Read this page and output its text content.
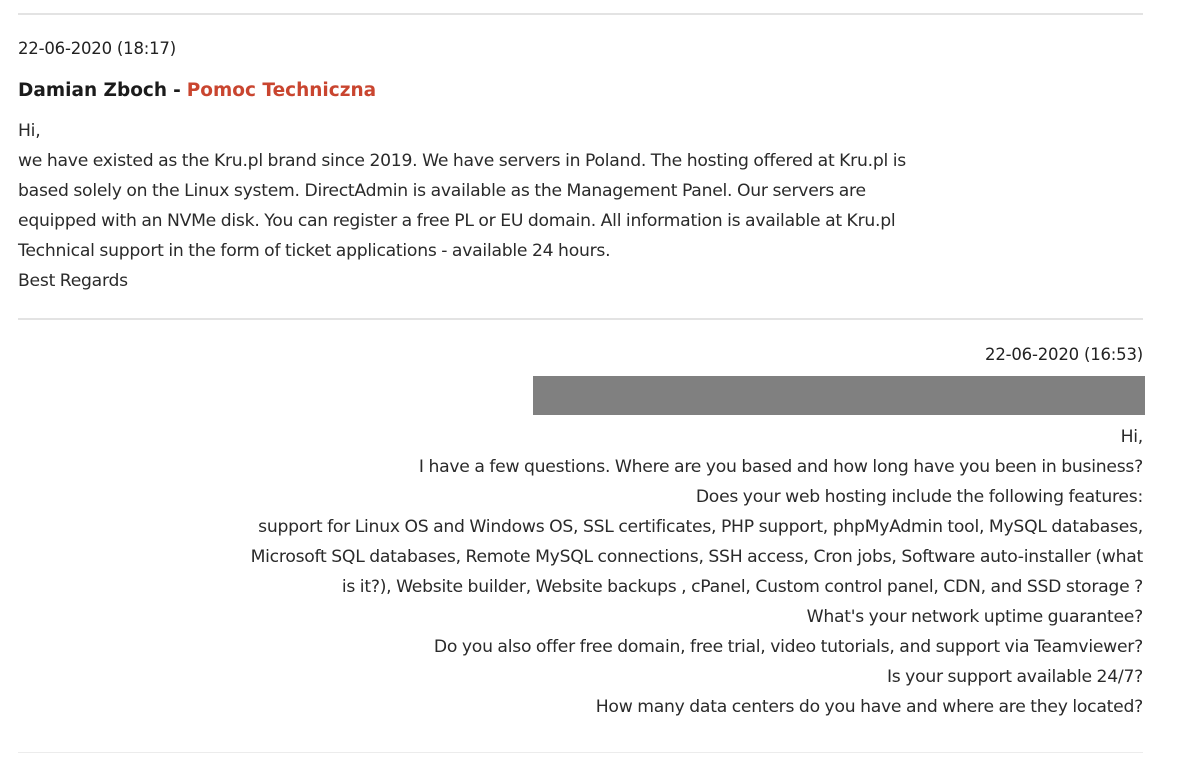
22-06-2020 (18:17)
Damian Zboch - Pomoc Techniczna
Hi,
we have existed as the Kru.pl brand since 2019. We have servers in Poland. The hosting offered at Kru.pl is
based solely on the Linux system. DirectAdmin is available as the Management Panel. Our servers are
equipped with an NVMe disk. You can register a free PL or EU domain. All information is available at Kru.pl
Technical support in the form of ticket applications - available 24 hours.
Best Regards
22-06-2020 (16:53)
Hi,
I have a few questions. Where are you based and how long have you been in business?
Does your web hosting include the following features:
support for Linux OS and Windows OS, SSL certificates, PHP support, phpMyAdmin tool, MySQL databases,
Microsoft SQL databases, Remote MySQL connections, SSH access, Cron jobs, Software auto-installer (what
is it?), Website builder, Website backups , cPanel, Custom control panel, CDN, and SSD storage ?
What's your network uptime guarantee?
Do you also offer free domain, free trial, video tutorials, and support via Teamviewer?
Is your support available 24/7?
How many data centers do you have and where are they located?
